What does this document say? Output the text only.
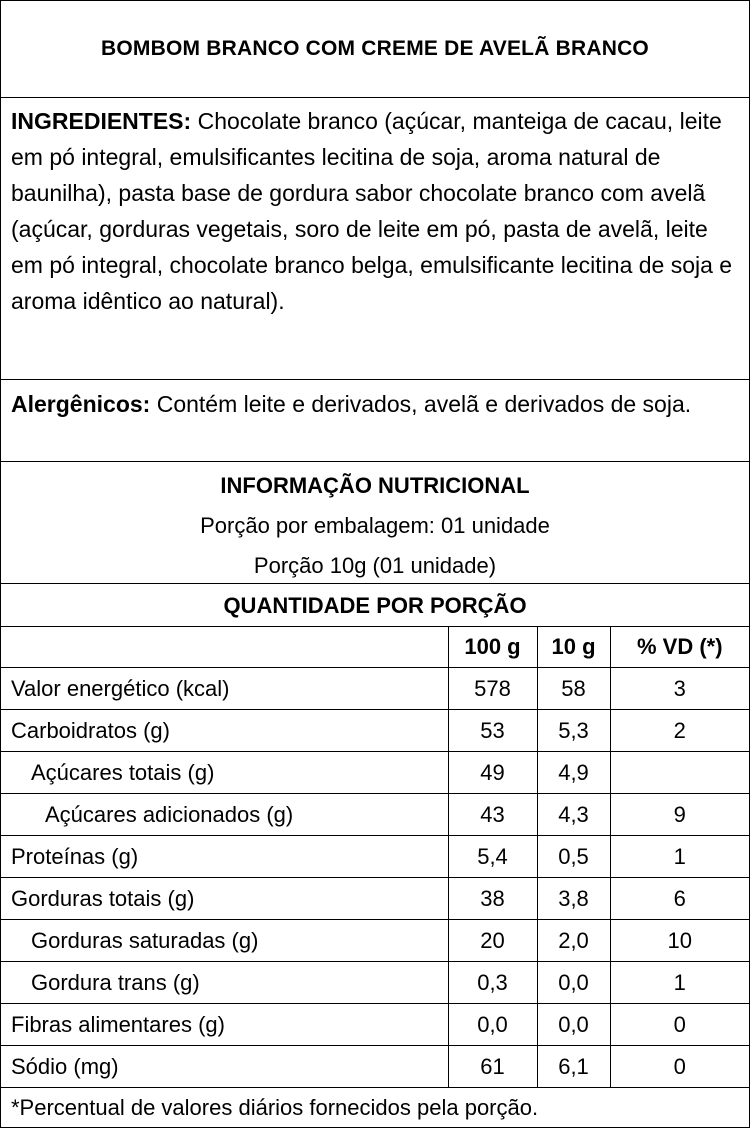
BOMBOM BRANCO COM CREME DE AVELÃ BRANCO
INGREDIENTES: Chocolate branco (açúcar, manteiga de cacau, leite em pó integral, emulsificantes lecitina de soja, aroma natural de baunilha), pasta base de gordura sabor chocolate branco com avelã (açúcar, gorduras vegetais, soro de leite em pó, pasta de avelã, leite em pó integral, chocolate branco belga, emulsificante lecitina de soja e aroma idêntico ao natural).
Alergênicos: Contém leite e derivados, avelã e derivados de soja.
INFORMAÇÃO NUTRICIONAL
Porção por embalagem: 01 unidade
Porção 10g (01 unidade)
QUANTIDADE POR PORÇÃO
	100 g	10 g	% VD (*)
Valor energético (kcal)	578	58	3
Carboidratos (g)	53	5,3	2
Açúcares totais (g)	49	4,9	
Açúcares adicionados (g)	43	4,3	9
Proteínas (g)	5,4	0,5	1
Gorduras totais (g)	38	3,8	6
Gorduras saturadas (g)	20	2,0	10
Gordura trans (g)	0,3	0,0	1
Fibras alimentares (g)	0,0	0,0	0
Sódio (mg)	61	6,1	0
*Percentual de valores diários fornecidos pela porção.
